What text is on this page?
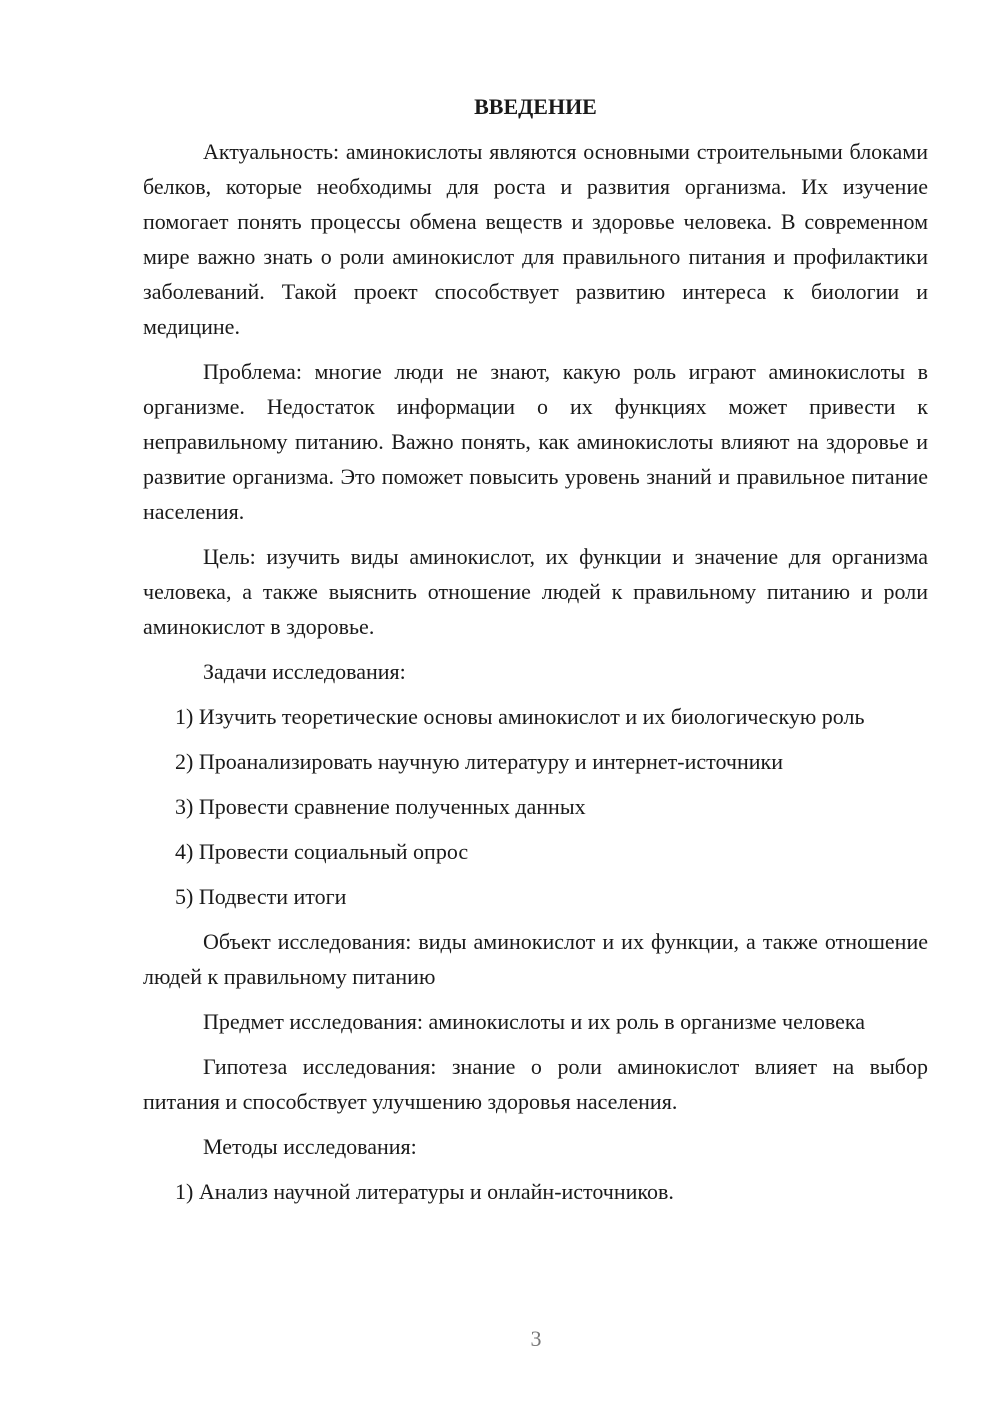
ВВЕДЕНИЕ

Актуальность: аминокислоты являются основными строительными блоками белков, которые необходимы для роста и развития организма. Их изучение помогает понять процессы обмена веществ и здоровье человека. В современном мире важно знать о роли аминокислот для правильного питания и профилактики заболеваний. Такой проект способствует развитию интереса к биологии и медицине.

Проблема: многие люди не знают, какую роль играют аминокислоты в организме. Недостаток информации о их функциях может привести к неправильному питанию. Важно понять, как аминокислоты влияют на здоровье и развитие организма. Это поможет повысить уровень знаний и правильное питание населения.

Цель: изучить виды аминокислот, их функции и значение для организма человека, а также выяснить отношение людей к правильному питанию и роли аминокислот в здоровье.

Задачи исследования:

1) Изучить теоретические основы аминокислот и их биологическую роль

2) Проанализировать научную литературу и интернет-источники

3) Провести сравнение полученных данных

4) Провести социальный опрос

5) Подвести итоги

Объект исследования: виды аминокислот и их функции, а также отношение людей к правильному питанию

Предмет исследования: аминокислоты и их роль в организме человека

Гипотеза исследования: знание о роли аминокислот влияет на выбор питания и способствует улучшению здоровья населения.

Методы исследования:

1) Анализ научной литературы и онлайн-источников.

3
